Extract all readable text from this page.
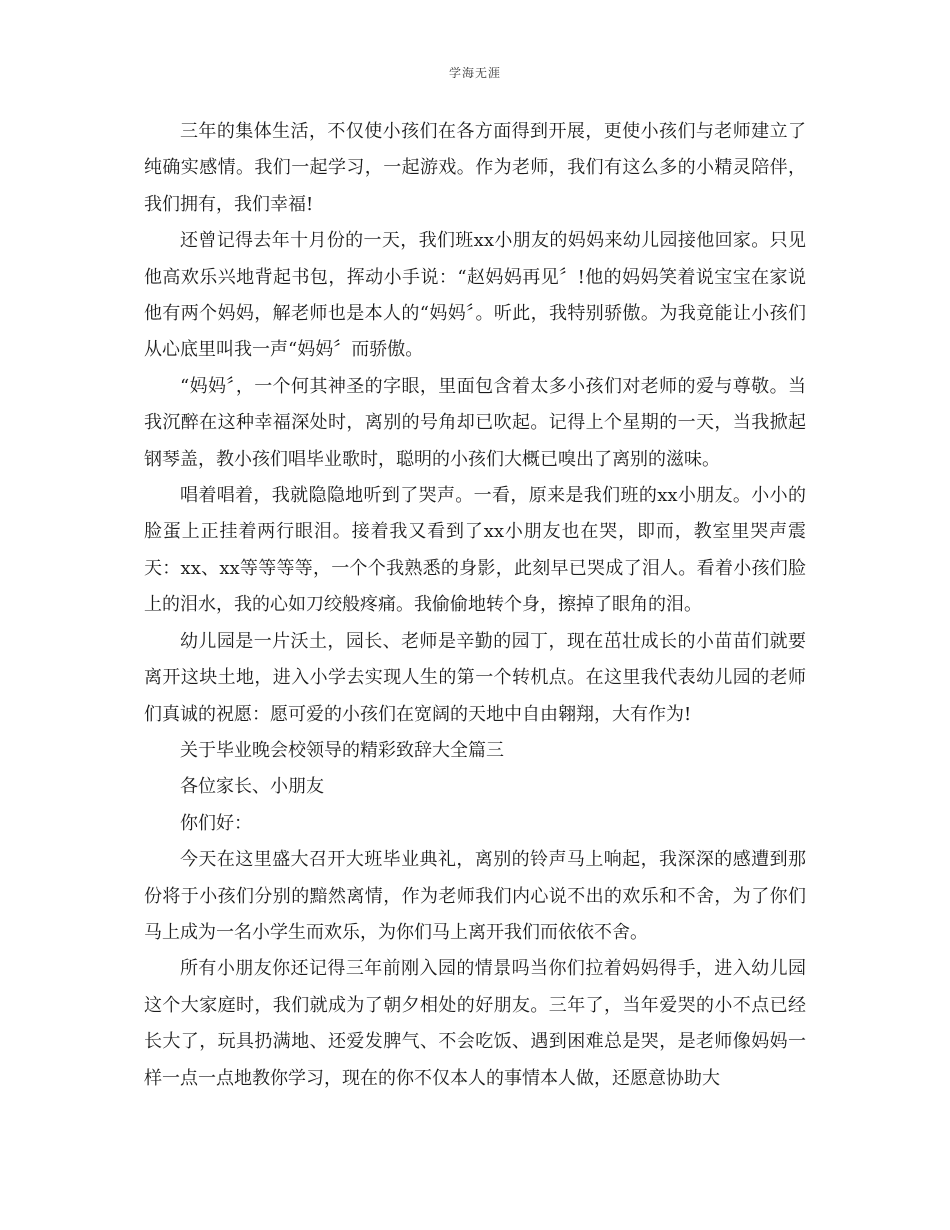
学海无涯

三年的集体生活，不仅使小孩们在各方面得到开展，更使小孩们与老师建立了纯确实感情。我们一起学习，一起游戏。作为老师，我们有这么多的小精灵陪伴，我们拥有，我们幸福!

还曾记得去年十月份的一天，我们班xx小朋友的妈妈来幼儿园接他回家。只见他高欢乐兴地背起书包，挥动小手说：“赵妈妈再见〞!他的妈妈笑着说宝宝在家说他有两个妈妈，解老师也是本人的“妈妈〞。听此，我特别骄傲。为我竟能让小孩们从心底里叫我一声“妈妈〞而骄傲。

“妈妈〞，一个何其神圣的字眼，里面包含着太多小孩们对老师的爱与尊敬。当我沉醉在这种幸福深处时，离别的号角却已吹起。记得上个星期的一天，当我掀起钢琴盖，教小孩们唱毕业歌时，聪明的小孩们大概已嗅出了离别的滋味。

唱着唱着，我就隐隐地听到了哭声。一看，原来是我们班的xx小朋友。小小的脸蛋上正挂着两行眼泪。接着我又看到了xx小朋友也在哭，即而，教室里哭声震天：xx、xx等等等等，一个个我熟悉的身影，此刻早已哭成了泪人。看着小孩们脸上的泪水，我的心如刀绞般疼痛。我偷偷地转个身，擦掉了眼角的泪。

幼儿园是一片沃土，园长、老师是辛勤的园丁，现在茁壮成长的小苗苗们就要离开这块土地，进入小学去实现人生的第一个转机点。在这里我代表幼儿园的老师们真诚的祝愿：愿可爱的小孩们在宽阔的天地中自由翱翔，大有作为!

关于毕业晚会校领导的精彩致辞大全篇三

各位家长、小朋友

你们好：

今天在这里盛大召开大班毕业典礼，离别的铃声马上响起，我深深的感遭到那份将于小孩们分别的黯然离情，作为老师我们内心说不出的欢乐和不舍，为了你们马上成为一名小学生而欢乐，为你们马上离开我们而依依不舍。

所有小朋友你还记得三年前刚入园的情景吗当你们拉着妈妈得手，进入幼儿园这个大家庭时，我们就成为了朝夕相处的好朋友。三年了，当年爱哭的小不点已经长大了，玩具扔满地、还爱发脾气、不会吃饭、遇到困难总是哭，是老师像妈妈一样一点一点地教你学习，现在的你不仅本人的事情本人做，还愿意协助大
